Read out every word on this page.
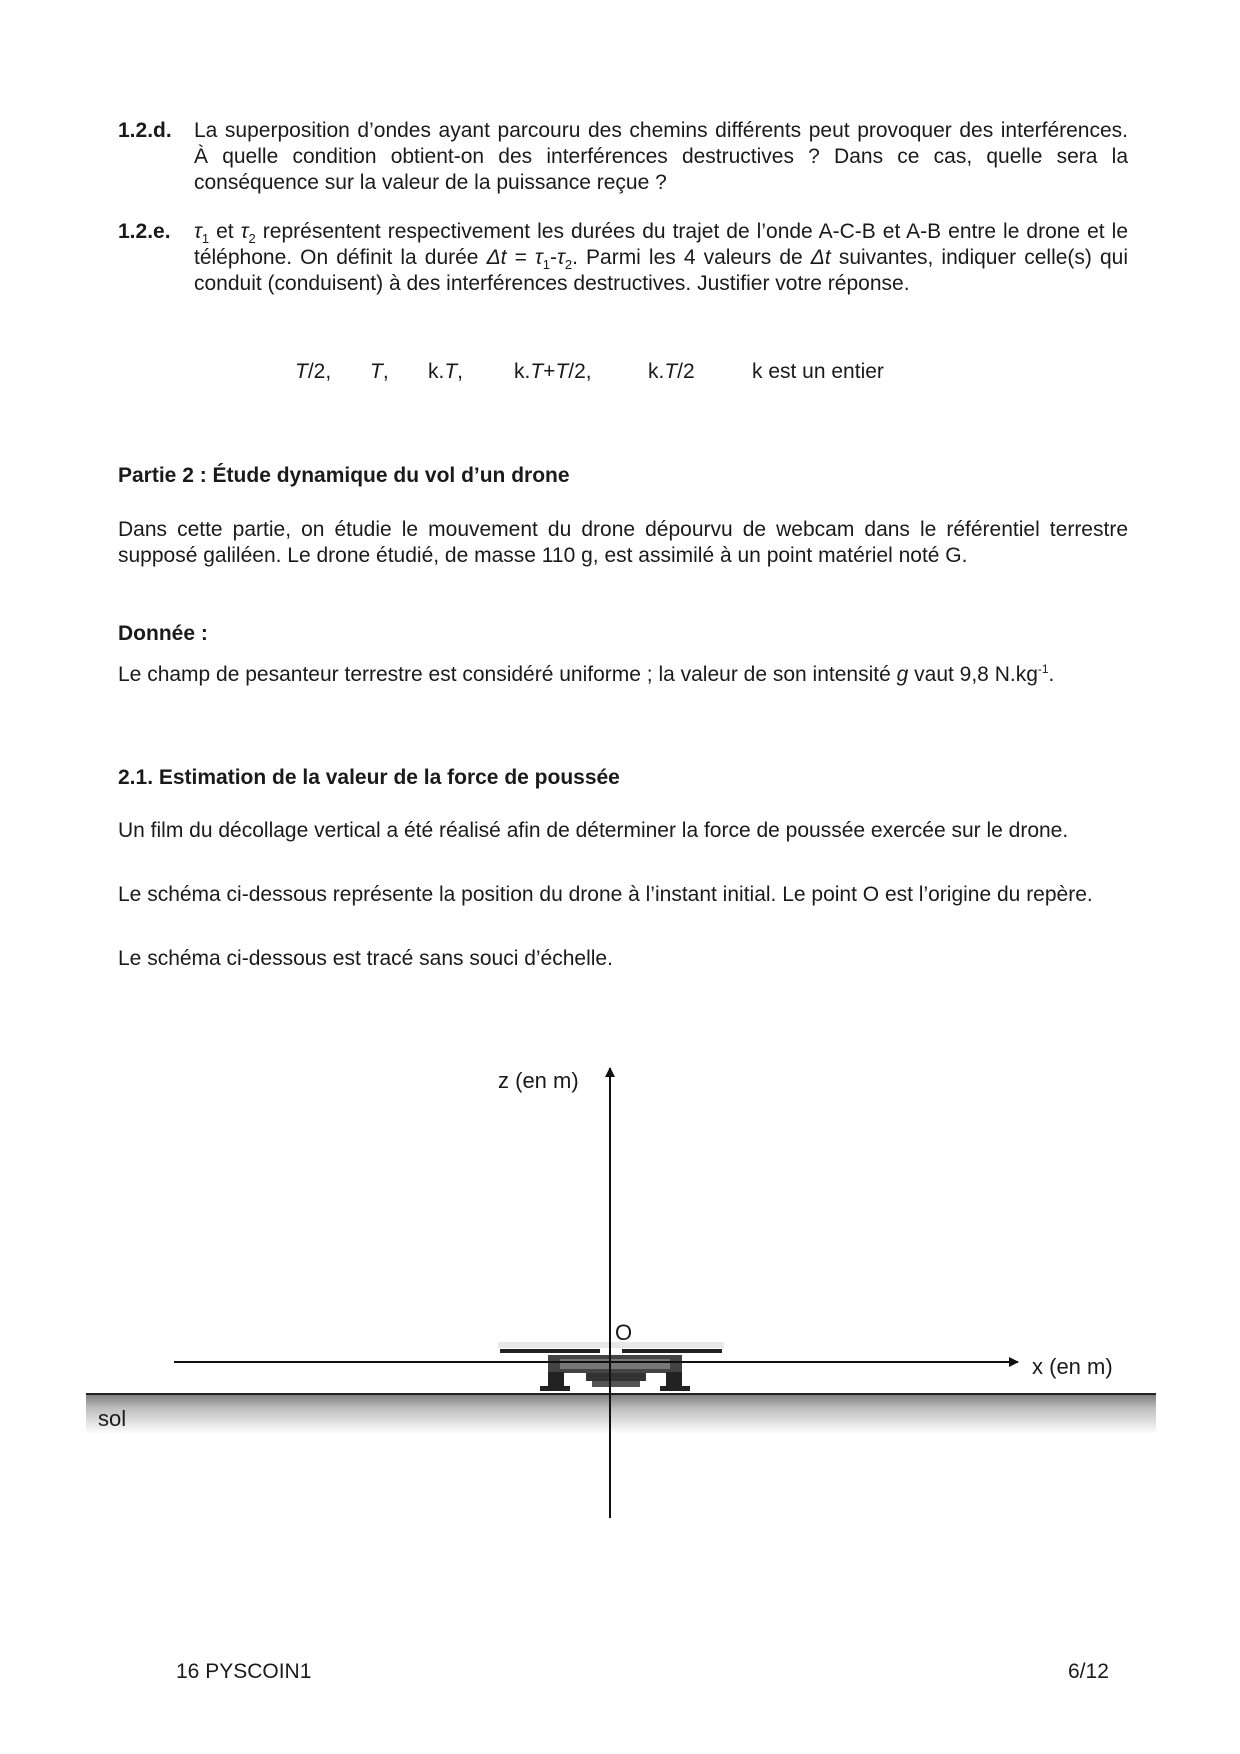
1.2.d. La superposition d’ondes ayant parcouru des chemins différents peut provoquer des interférences. À quelle condition obtient-on des interférences destructives ? Dans ce cas, quelle sera la conséquence sur la valeur de la puissance reçue ?
1.2.e. $\tau_1$ et $\tau_2$ représentent respectivement les durées du trajet de l’onde A-C-B et A-B entre le drone et le téléphone. On définit la durée $\Delta t = \tau_1-\tau_2$. Parmi les 4 valeurs de Δt suivantes, indiquer celle(s) qui conduit (conduisent) à des interférences destructives. Justifier votre réponse.
T/2, T, k.T, k.T+T/2,	k.T/2	k est un entier
Partie 2 : Étude dynamique du vol d’un drone
Dans cette partie, on étudie le mouvement du drone dépourvu de webcam dans le référentiel terrestre supposé galiléen. Le drone étudié, de masse 110 g, est assimilé à un point matériel noté G.
Donnée :
Le champ de pesanteur terrestre est considéré uniforme ; la valeur de son intensité g vaut 9,8 $N.kg^{-1}$.
2.1. Estimation de la valeur de la force de poussée
Un film du décollage vertical a été réalisé afin de déterminer la force de poussée exercée sur le drone.
Le schéma ci-dessous représente la position du drone à l’instant initial. Le point O est l’origine du repère.
Le schéma ci-dessous est tracé sans souci d’échelle.
z (en m)
x (en m)
O
sol
16 PYSCOIN1	6/12
